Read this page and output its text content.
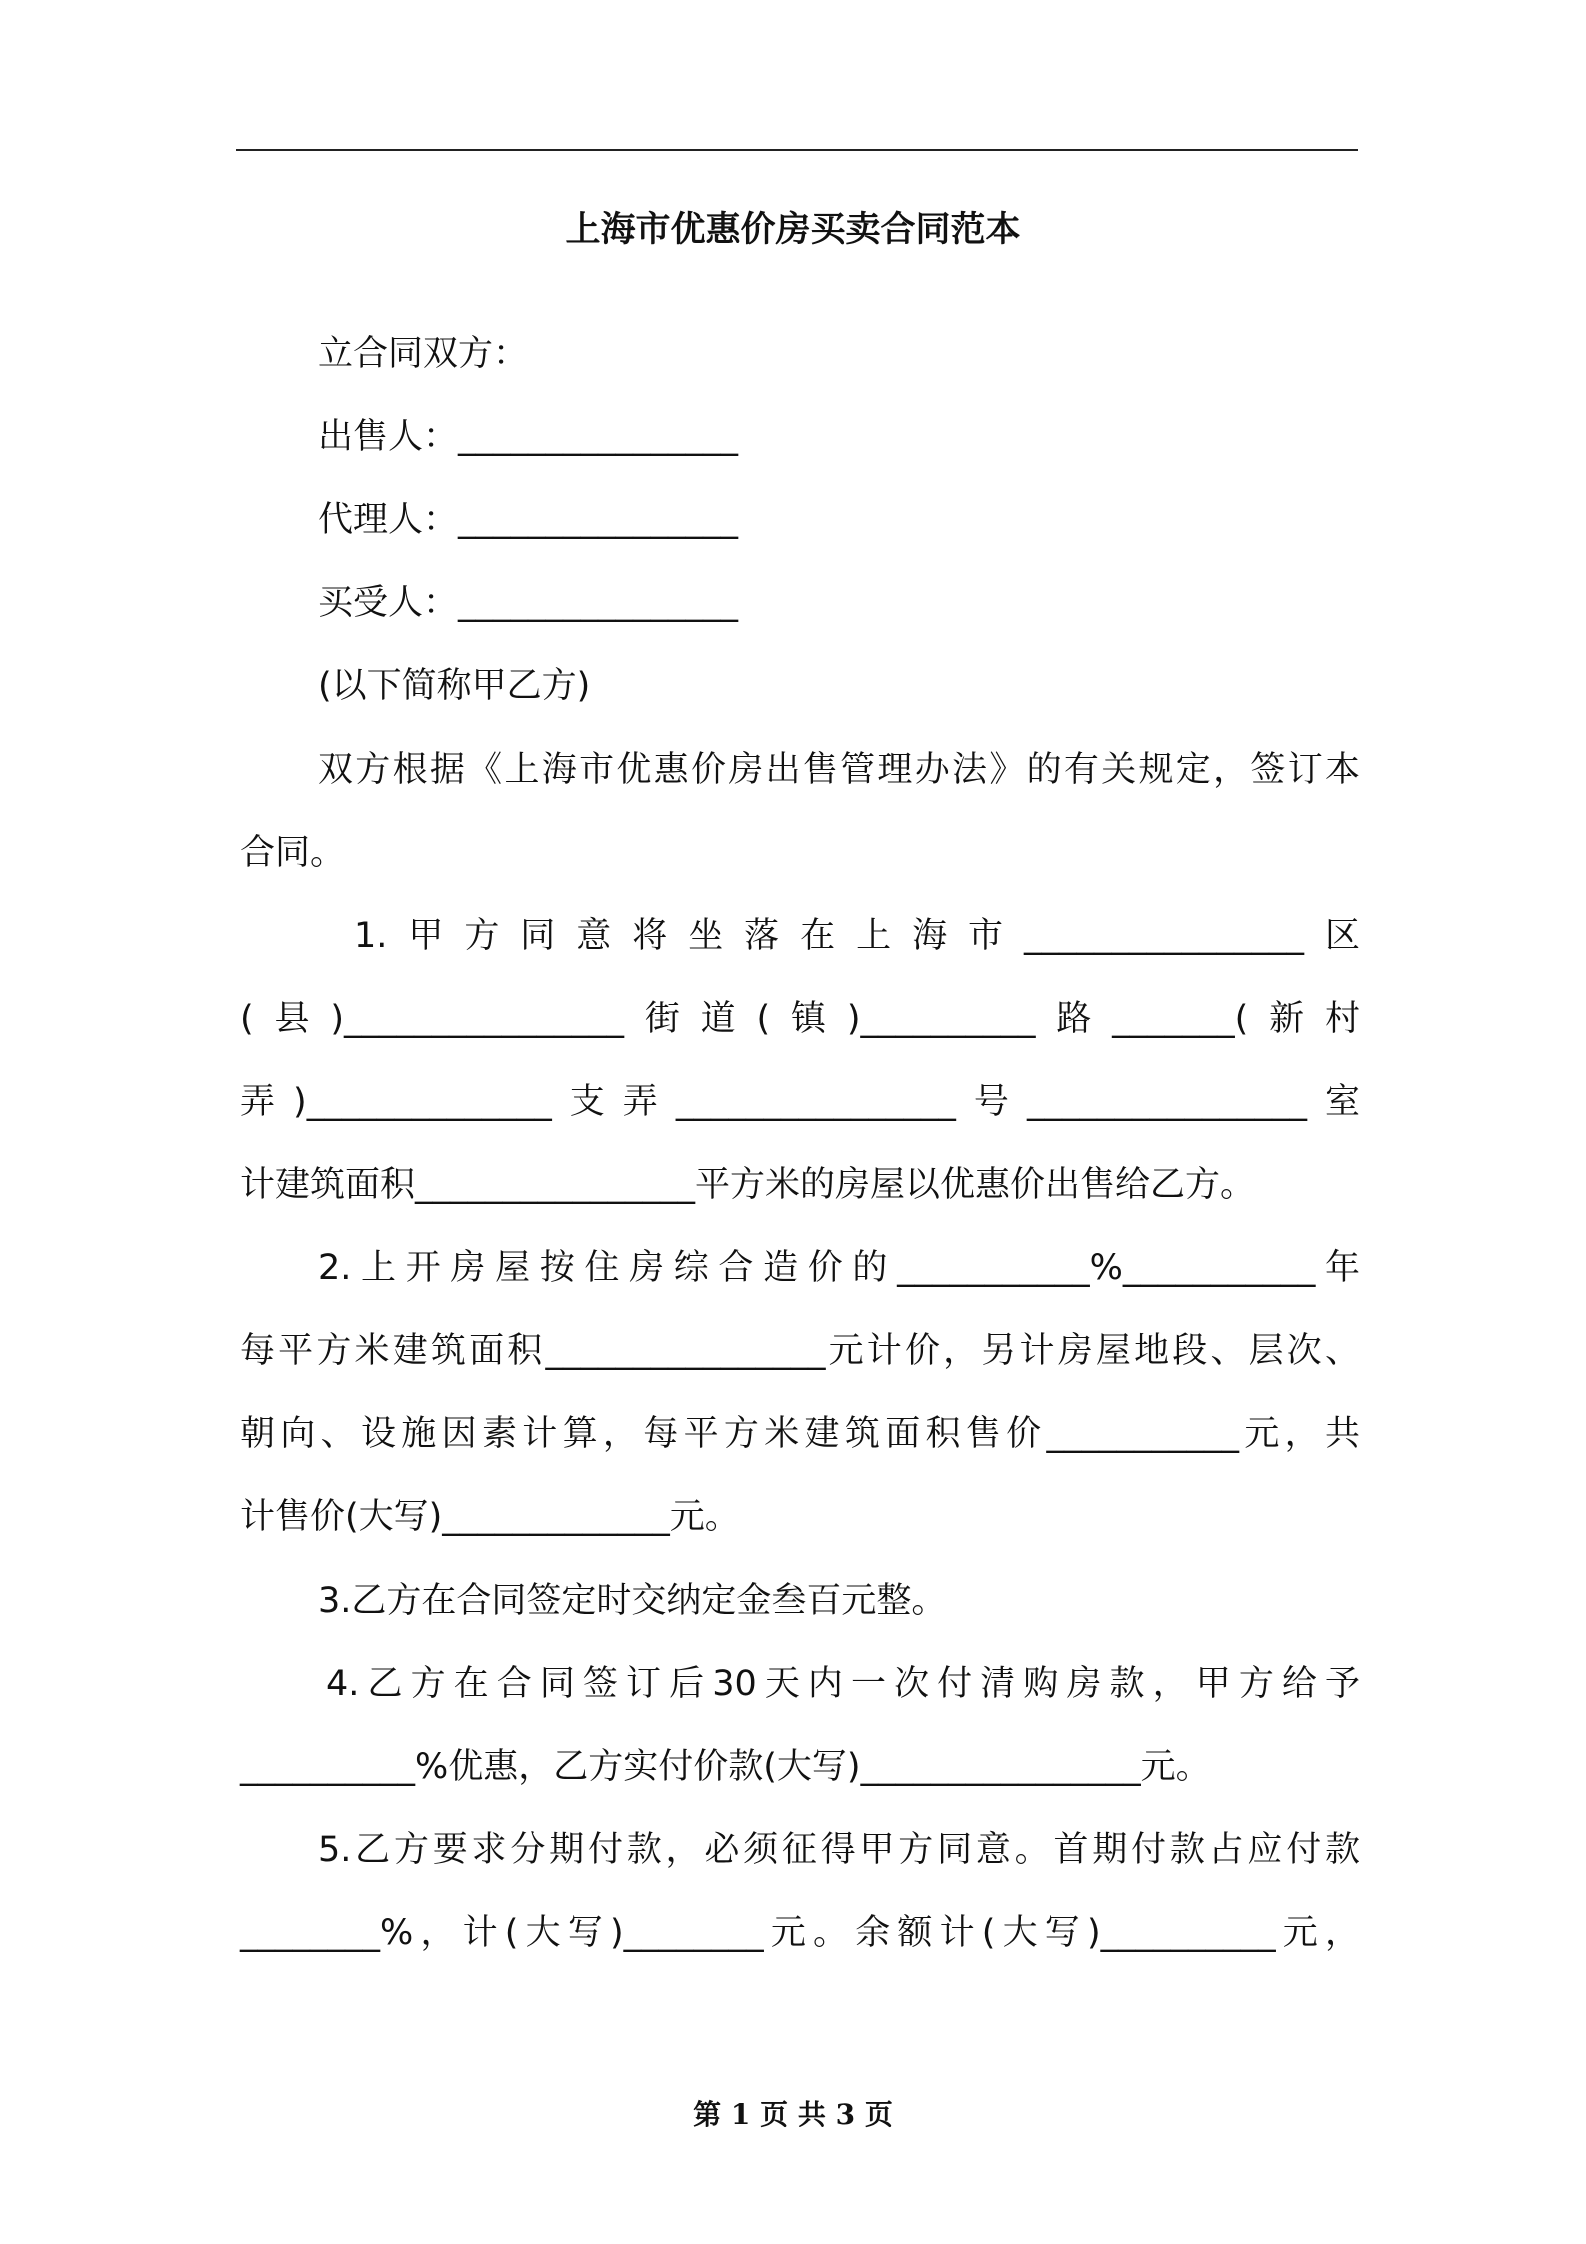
上海市优惠价房买卖合同范本
立合同双方：
出售人：________________
代理人：________________
买受人：________________
(以下简称甲乙方)
双方根据《上海市优惠价房出售管理办法》的有关规定，签订本
合同。
1.甲方同意将坐落在上海市________________区
(县)________________街道(镇)__________路_______(新村
弄)______________支弄________________号________________室
计建筑面积________________平方米的房屋以优惠价出售给乙方。
2.上开房屋按住房综合造价的___________%___________年
每平方米建筑面积________________元计价，另计房屋地段、层次、
朝向、设施因素计算，每平方米建筑面积售价___________元，共
计售价(大写)_____________元。
3.乙方在合同签定时交纳定金叁百元整。
4.乙方在合同签订后30天内一次付清购房款，甲方给予
__________%优惠，乙方实付价款(大写)________________元。
5.乙方要求分期付款，必须征得甲方同意。首期付款占应付款
________%，计(大写)________元。余额计(大写)__________元，
第 1 页 共 3 页
